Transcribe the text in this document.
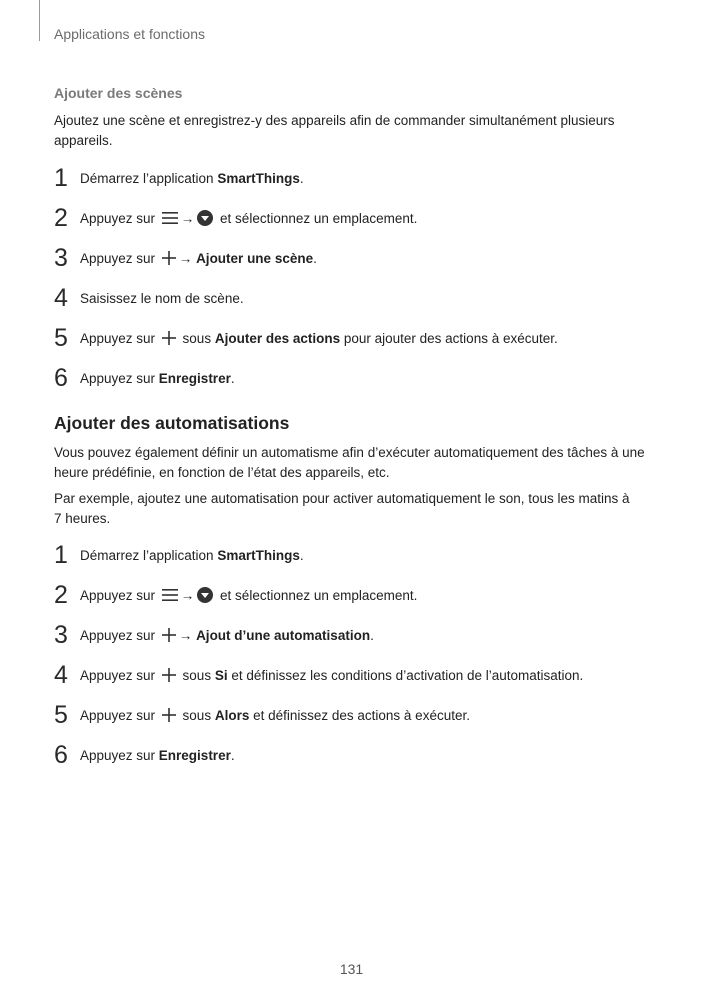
Applications et fonctions
Ajouter des scènes
Ajoutez une scène et enregistrez-y des appareils afin de commander simultanément plusieurs
appareils.
1 Démarrez l’application SmartThings .
2 Appuyez sur → et sélectionnez un emplacement.
3 Appuyez sur →
Ajouter une scène .
4 Saisissez le nom de scène.
5 Appuyez sur sous Ajouter des actions pour ajouter des actions à exécuter.
6 Appuyez sur Enregistrer .
Ajouter des automatisations
Vous pouvez également définir un automatisme afin d’exécuter automatiquement des tâches à une
heure prédéfinie, en fonction de l’état des appareils, etc.
Par exemple, ajoutez une automatisation pour activer automatiquement le son, tous les matins à
7 heures.
1 Démarrez l’application SmartThings .
2 Appuyez sur → et sélectionnez un emplacement.
3 Appuyez sur →
Ajout d’une automatisation .
4 Appuyez sur sous Si et définissez les conditions d’activation de l’automatisation.
5 Appuyez sur sous Alors et définissez des actions à exécuter.
6 Appuyez sur Enregistrer .
131
